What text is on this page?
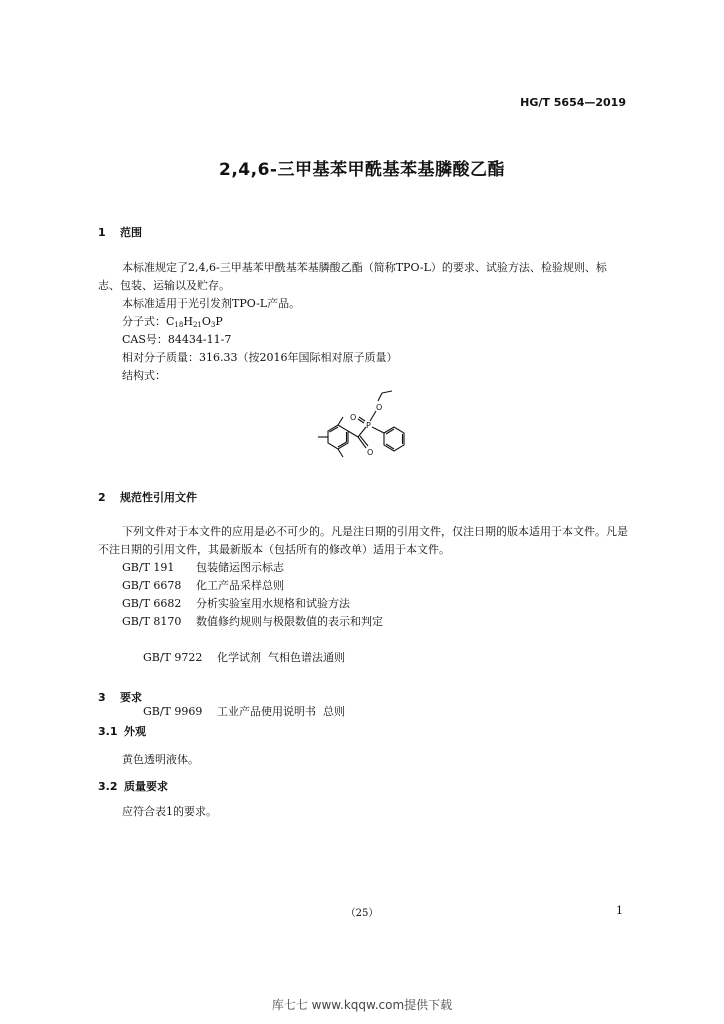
HG/T 5654—2019
2,4,6-三甲基苯甲酰基苯基膦酸乙酯
1 范围
本标准规定了2,4,6-三甲基苯甲酰基苯基膦酸乙酯（简称TPO-L）的要求、试验方法、检验规则、标志、包装、运输以及贮存。
本标准适用于光引发剂TPO-L产品。
分子式：$C_{18}H_{21}O_3P$
CAS号：84434-11-7
相对分子质量：316.33（按2016年国际相对原子质量）
结构式：
O
P
O
O
2 规范性引用文件
下列文件对于本文件的应用是必不可少的。凡是注日期的引用文件，仅注日期的版本适用于本文件。凡是不注日期的引用文件，其最新版本（包括所有的修改单）适用于本文件。
GB/T 191 包装储运图示标志
GB/T 6678 化工产品采样总则
GB/T 6682 分析实验室用水规格和试验方法
GB/T 8170 数值修约规则与极限数值的表示和判定

GB/T 9722 化学试剂  气相色谱法通则

GB/T 9969 工业产品使用说明书  总则

3 要求
3.1 外观
黄色透明液体。
3.2 质量要求
应符合表1的要求。
（25）	1
库七七 www.kqqw.com提供下载
